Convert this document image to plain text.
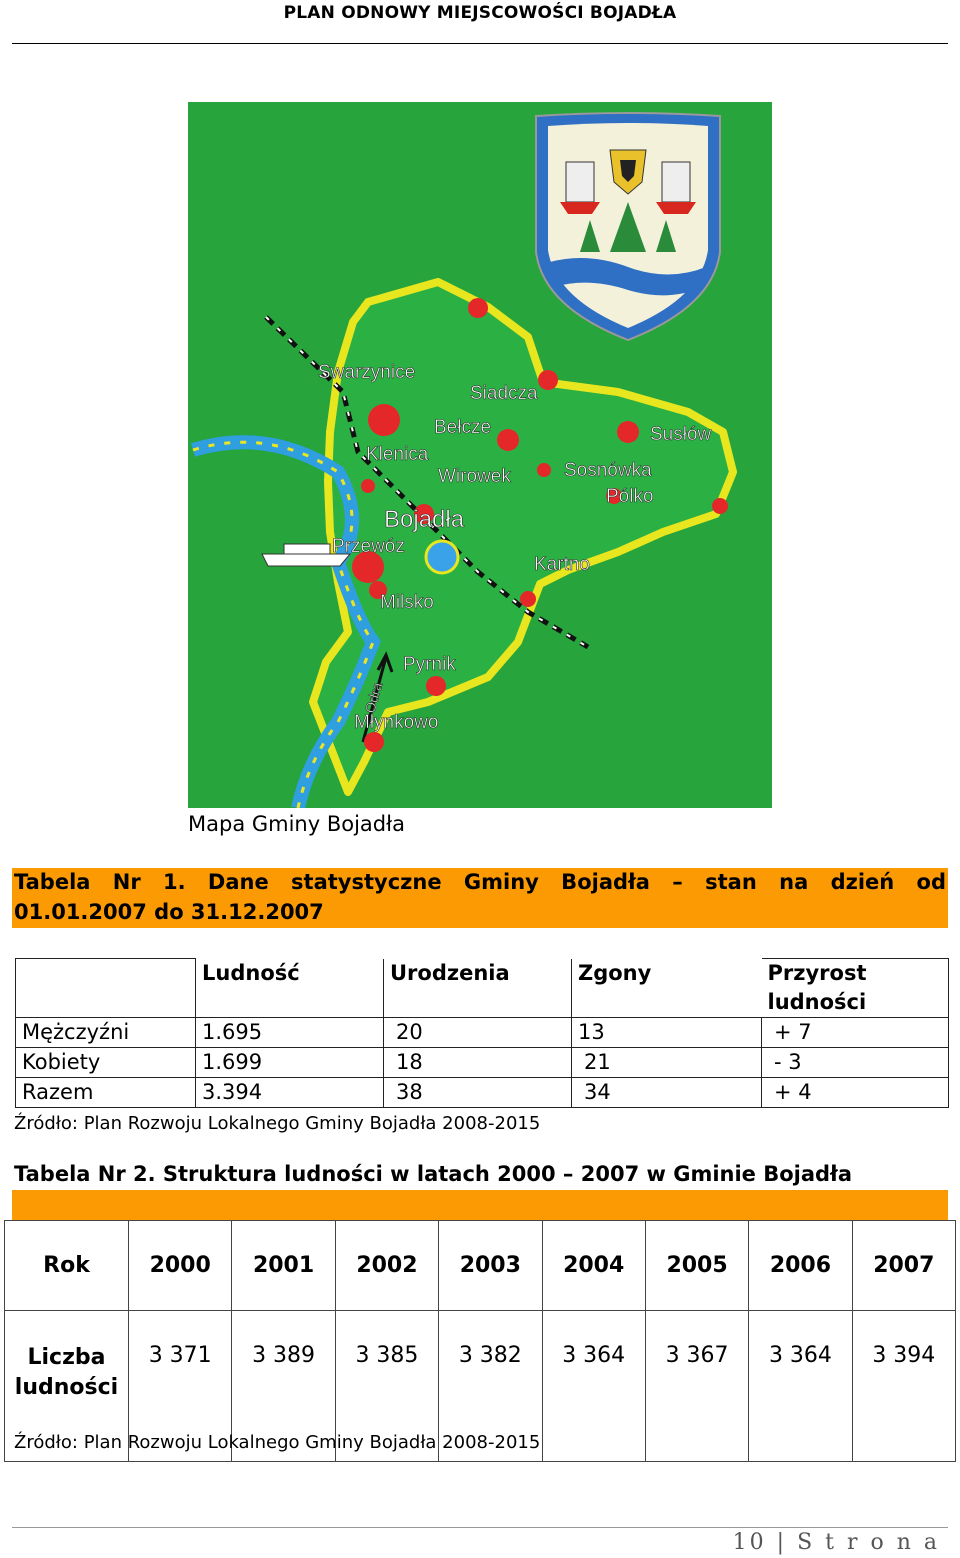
PLAN ODNOWY MIEJSCOWOŚCI BOJADŁA
Swarzynice
Siadcza
Bełcze
Klenica
Wirowek
Susłów
Sosnówka
Pólko
Bojadła
Przewóz
Kartno
Milsko
Pyrnik
Młynkowo
Odra
Mapa Gminy Bojadła
Tabela Nr 1. Dane statystyczne Gminy Bojadła – stan na dzień od
01.01.2007 do 31.12.2007
	Ludność	Urodzenia	Zgony	Przyrost ludności
Mężczyźni	1.695	20	13	+ 7
Kobiety	1.699	18	21	- 3
Razem	3.394	38	34	+ 4
Źródło: Plan Rozwoju Lokalnego Gminy Bojadła 2008-2015
Tabela Nr 2. Struktura ludności w latach 2000 – 2007 w Gminie Bojadła
Rok	2000	2001	2002	2003	2004	2005	2006	2007

Liczba
ludności	3 371	3 389	3 385	3 382	3 364	3 367	3 364	3 394
Źródło: Plan Rozwoju Lokalnego Gminy Bojadła 2008-2015
10 | S t r o n a
